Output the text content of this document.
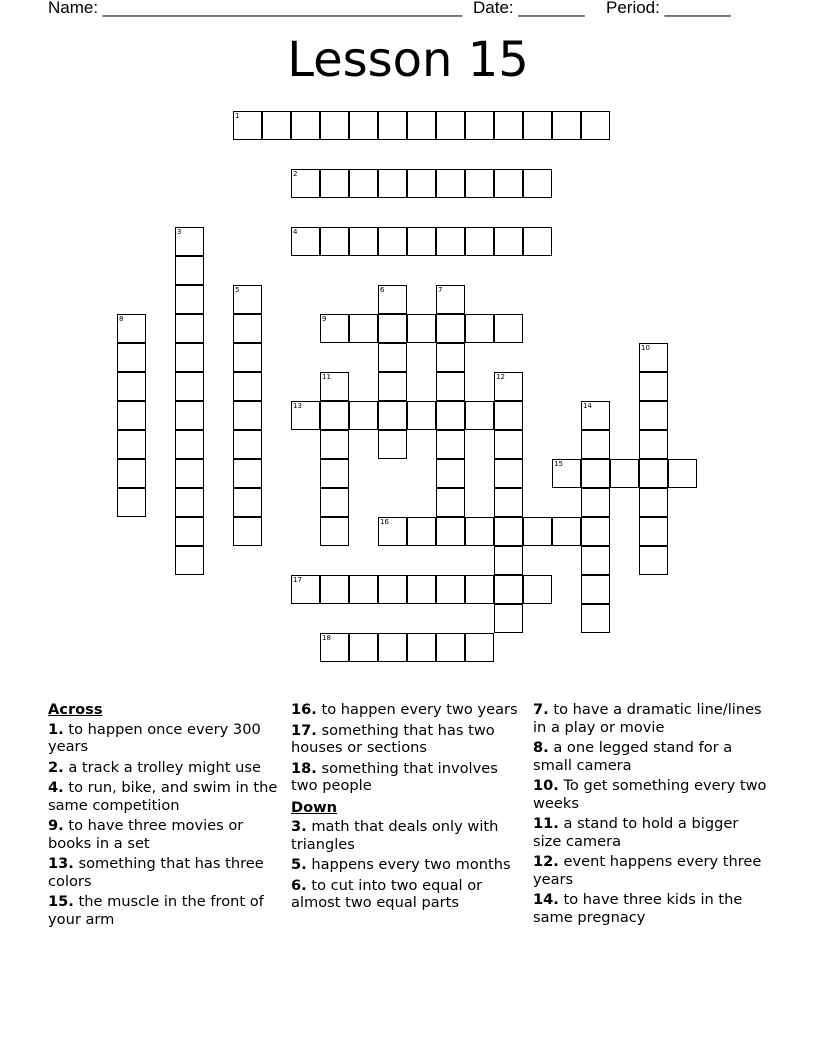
Name: ______________________________________ Date: _______ Period: _______
Lesson 15
1
2
3	4
5	6	7
8	9
10
11	12
13	14
15
16
17
18
Across
1. to happen once every 300 years
2. a track a trolley might use
4. to run, bike, and swim in the same competition
9. to have three movies or books in a set
13. something that has three colors
15. the muscle in the front of your arm
16. to happen every two years
17. something that has two houses or sections
18. something that involves two people
Down
3. math that deals only with triangles
5. happens every two months
6. to cut into two equal or almost two equal parts
7. to have a dramatic line/lines in a play or movie
8. a one legged stand for a small camera
10. To get something every two weeks
11. a stand to hold a bigger size camera
12. event happens every three years
14. to have three kids in the same pregnacy
